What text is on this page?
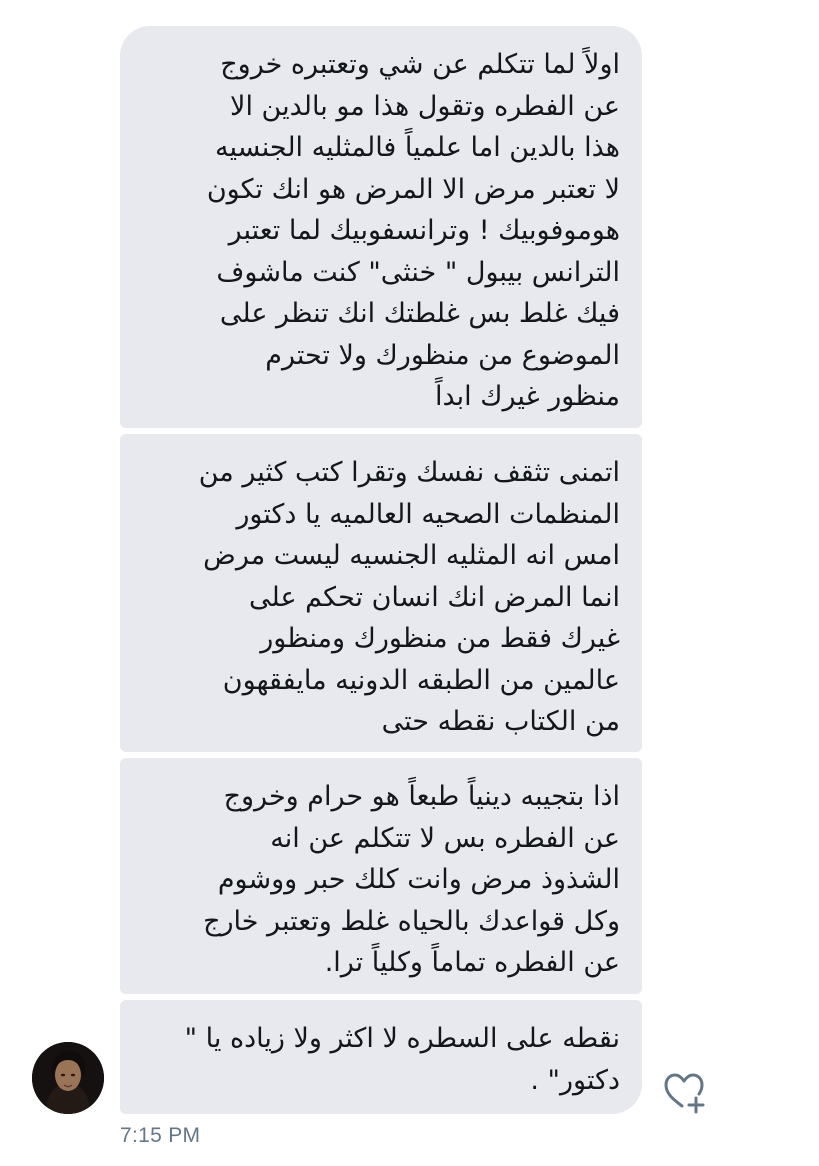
اولاً لما تتكلم عن شي وتعتبره خروج
عن الفطره وتقول هذا مو بالدين الا
هذا بالدين اما علمياً فالمثليه الجنسيه
لا تعتبر مرض الا المرض هو انك تكون
هوموفوبيك ! وترانسفوبيك لما تعتبر
الترانس بيبول " خنثى" كنت ماشوف
فيك غلط بس غلطتك انك تنظر على
الموضوع من منظورك ولا تحترم
منظور غيرك ابداً
اتمنى تثقف نفسك وتقرا كتب كثير من
المنظمات الصحيه العالميه يا دكتور
امس انه المثليه الجنسيه ليست مرض
انما المرض انك انسان تحكم على
غيرك فقط من منظورك ومنظور
عالمين من الطبقه الدونيه مايفقهون
من الكتاب نقطه حتى
اذا بتجيبه دينياً طبعاً هو حرام وخروج
عن الفطره بس لا تتكلم عن انه
الشذوذ مرض وانت كلك حبر ووشوم
وكل قواعدك بالحياه غلط وتعتبر خارج
عن الفطره تماماً وكلياً ترا.
نقطه على السطره لا اكثر ولا زياده يا "
دكتور" .
7:15 PM
